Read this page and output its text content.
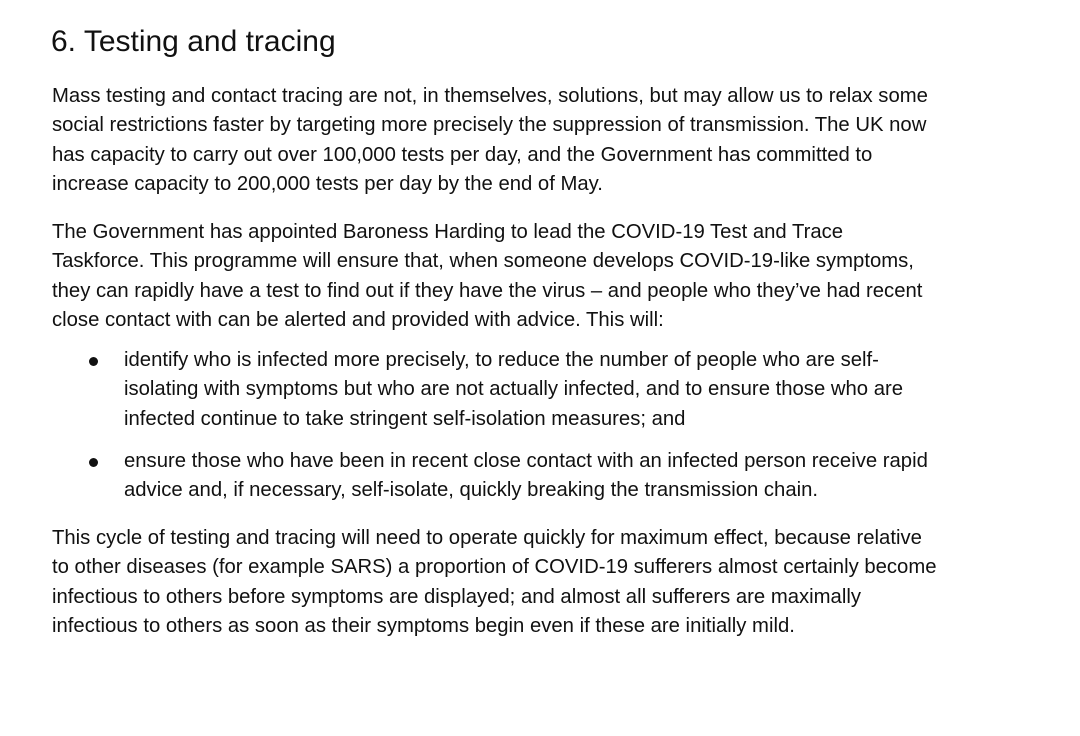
6. Testing and tracing

Mass testing and contact tracing are not, in themselves, solutions, but may allow us to relax some
social restrictions faster by targeting more precisely the suppression of transmission. The UK now
has capacity to carry out over 100,000 tests per day, and the Government has committed to
increase capacity to 200,000 tests per day by the end of May.

The Government has appointed Baroness Harding to lead the COVID-19 Test and Trace
Taskforce. This programme will ensure that, when someone develops COVID-19-like symptoms,
they can rapidly have a test to find out if they have the virus – and people who they’ve had recent
close contact with can be alerted and provided with advice. This will:

identify who is infected more precisely, to reduce the number of people who are self-
isolating with symptoms but who are not actually infected, and to ensure those who are
infected continue to take stringent self-isolation measures; and

ensure those who have been in recent close contact with an infected person receive rapid
advice and, if necessary, self-isolate, quickly breaking the transmission chain.

This cycle of testing and tracing will need to operate quickly for maximum effect, because relative
to other diseases (for example SARS) a proportion of COVID-19 sufferers almost certainly become
infectious to others before symptoms are displayed; and almost all sufferers are maximally
infectious to others as soon as their symptoms begin even if these are initially mild.
